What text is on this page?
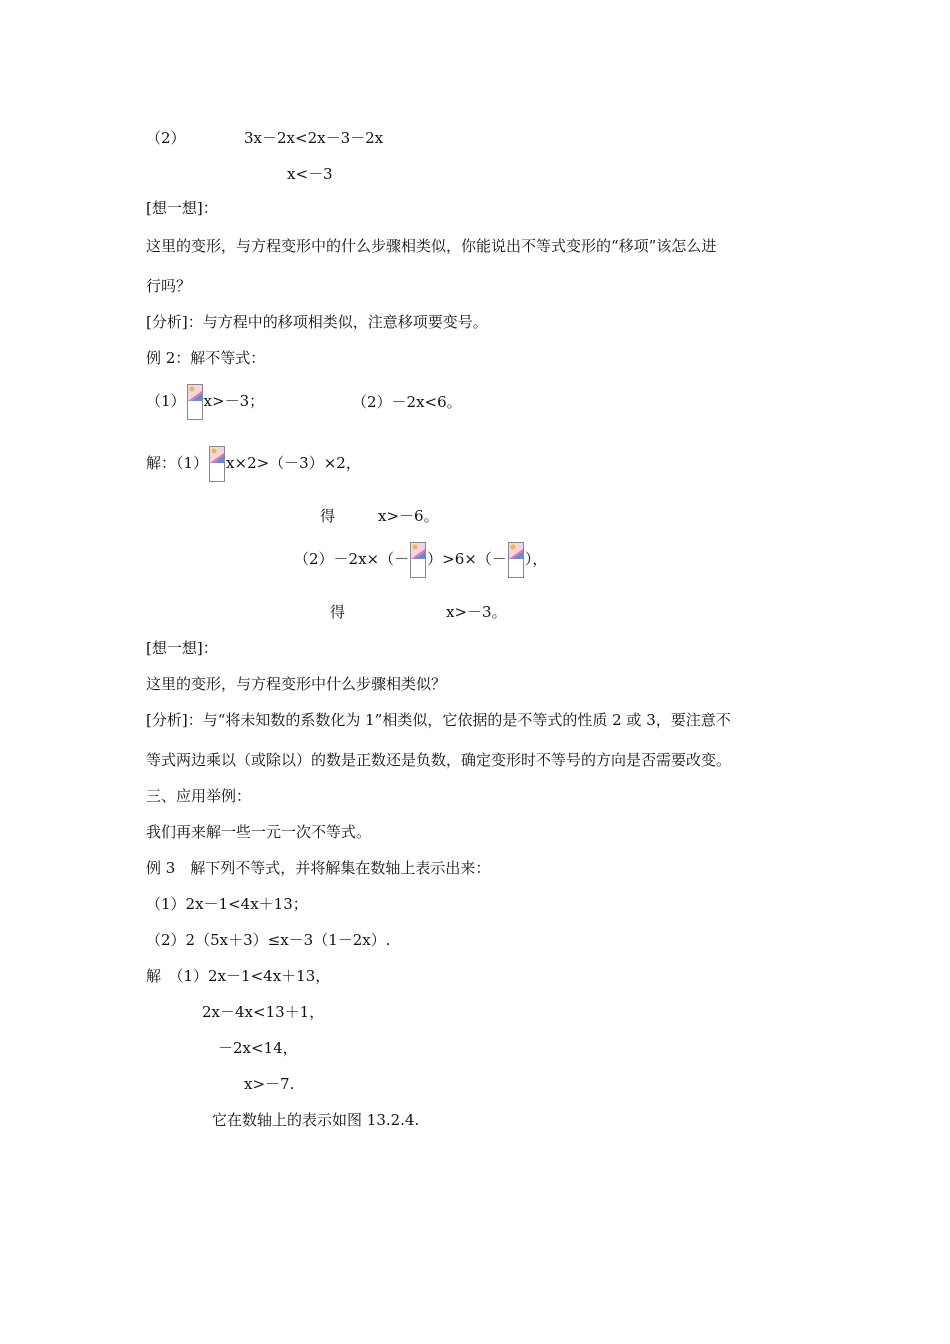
（2）	3x－2x<2x－3－2x
x<－3
[想一想]：
这里的变形，与方程变形中的什么步骤相类似，你能说出不等式变形的“移项”该怎么进
行吗？
[分析]：与方程中的移项相类似，注意移项要变号。
例 2：解不等式：
（1） x>－3；	（2）－2x<6。
解：（1） x×2>（－3）×2，
得	x>－6。
（2）－2x×（－ ）>6×（－ ），
得	x>－3。
[想一想]：
这里的变形，与方程变形中什么步骤相类似？
[分析]：与“将未知数的系数化为 1”相类似，它依据的是不等式的性质 2 或 3，要注意不
等式两边乘以（或除以）的数是正数还是负数，确定变形时不等号的方向是否需要改变。
三、应用举例：
我们再来解一些一元一次不等式。
例 3　解下列不等式，并将解集在数轴上表示出来：
（1）2x－1<4x＋13；
（2）2（5x＋3）≤x－3（1－2x）.
解　（1）2x－1<4x＋13，
2x－4x<13＋1，
－2x<14，
x>－7.
它在数轴上的表示如图 13.2.4.
